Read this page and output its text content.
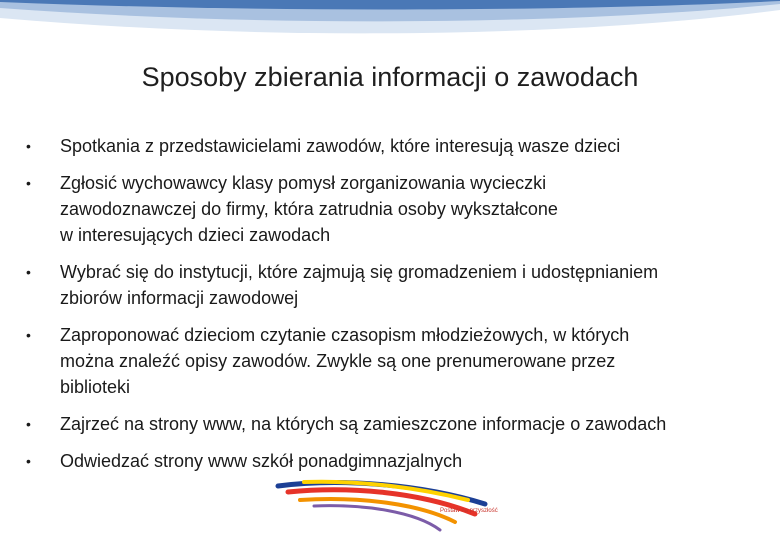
Sposoby zbierania informacji o zawodach
• Spotkania z przedstawicielami zawodów, które interesują wasze dzieci
• Zgłosić wychowawcy klasy pomysł zorganizowania wycieczki
zawodoznawczej do firmy, która zatrudnia osoby wykształcone
w interesujących dzieci zawodach
• Wybrać się do instytucji, które zajmują się gromadzeniem i udostępnianiem
zbiorów informacji zawodowej
• Zaproponować dzieciom czytanie czasopism młodzieżowych, w których
można znaleźć opisy zawodów. Zwykle są one prenumerowane przez
biblioteki
• Zajrzeć na strony www, na których są zamieszczone informacje o zawodach
• Odwiedzać strony www szkół ponadgimnazjalnych
Postaw na przyszłość
